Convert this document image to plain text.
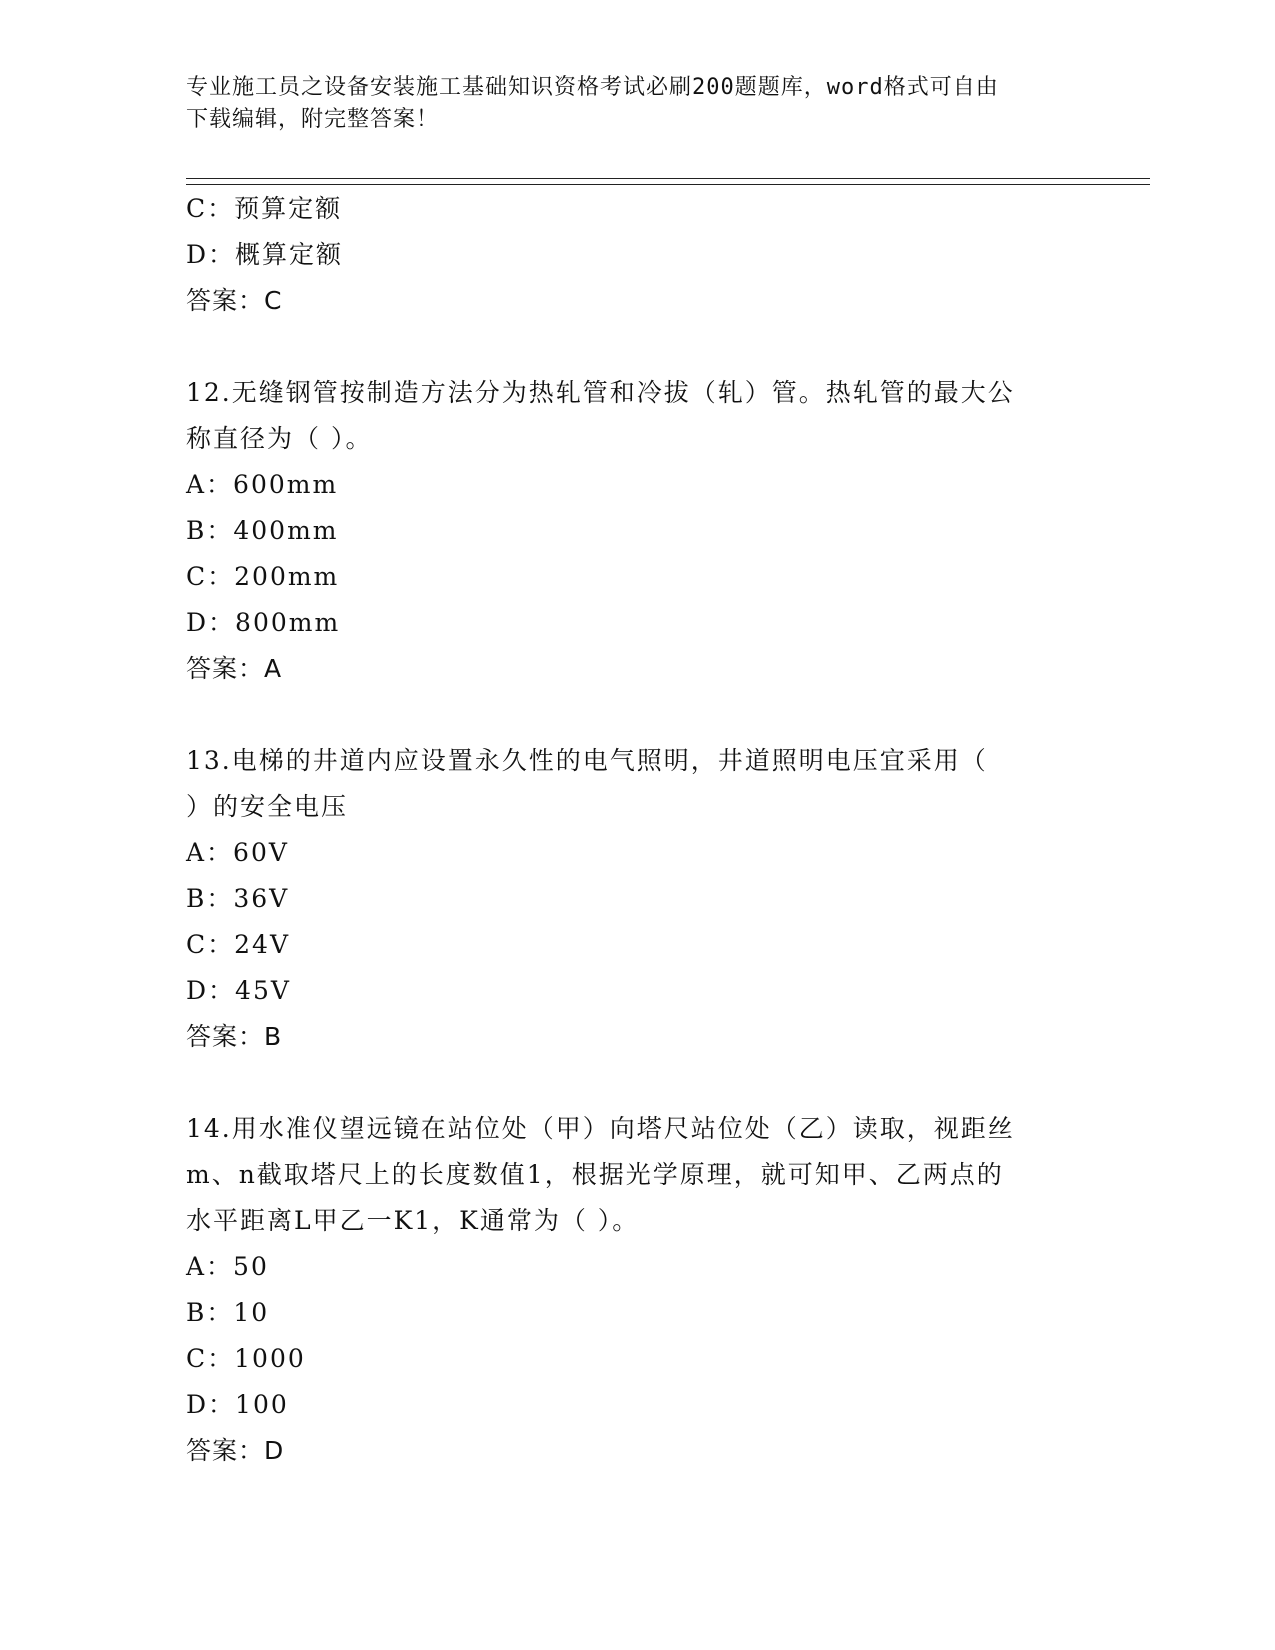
专业施工员之设备安装施工基础知识资格考试必刷200题题库，word格式可自由
下载编辑，附完整答案！
C：预算定额
D：概算定额
答案：C
12.无缝钢管按制造方法分为热轧管和冷拔（轧）管。热轧管的最大公
称直径为（ ）。
A：600mm
B：400mm
C：200mm
D：800mm
答案：A
13.电梯的井道内应设置永久性的电气照明，井道照明电压宜采用（
）的安全电压
A：60V
B：36V
C：24V
D：45V
答案：B
14.用水准仪望远镜在站位处（甲）向塔尺站位处（乙）读取，视距丝
m、n截取塔尺上的长度数值1，根据光学原理，就可知甲、乙两点的
水平距离L甲乙一K1，K通常为（ ）。
A：50
B：10
C：1000
D：100
答案：D
